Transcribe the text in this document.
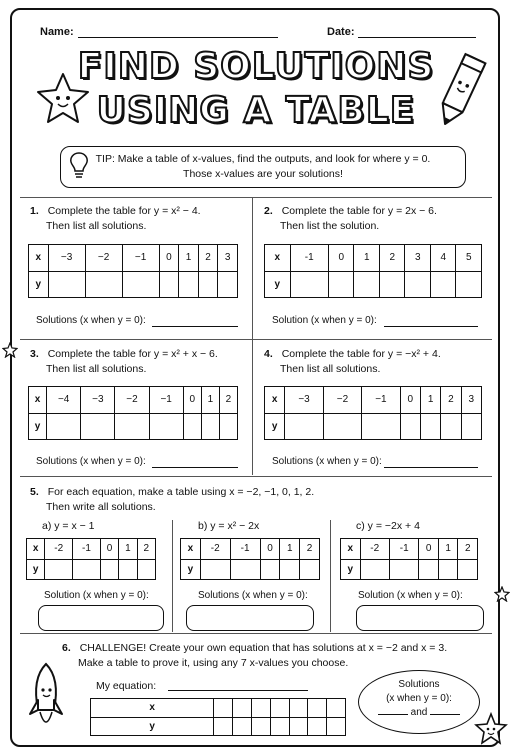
Name:	Date:
FIND SOLUTIONS
USING A TABLE
TIP: Make a table of x-values, find the outputs, and look for where y = 0.
Those x-values are your solutions!
1. Complete the table for y = x² − 4.
Then list all solutions.
x	−3	−2	−1	0	1	2	3
y							
Solutions (x when y = 0):
2. Complete the table for y = 2x − 6.
Then list the solution.
x	-1	0	1	2	3	4	5
y							
Solution (x when y = 0):
3. Complete the table for y = x² + x − 6.
Then list all solutions.
x	−4	−3	−2	−1	0	1	2
y							
Solutions (x when y = 0):
4. Complete the table for y = −x² + 4.
Then list all solutions.
x	−3	−2	−1	0	1	2	3
y							
Solutions (x when y = 0):
5. For each equation, make a table using x = −2, −1, 0, 1, 2.
Then write all solutions.
a) y = x − 1
x	-2	-1	0	1	2
y					
Solution (x when y = 0):
b) y = x² − 2x
x	-2	-1	0	1	2
y					
Solutions (x when y = 0):
c) y = −2x + 4
x	-2	-1	0	1	2
y					
Solution (x when y = 0):
6. CHALLENGE! Create your own equation that has solutions at x = −2 and x = 3.
Make a table to prove it, using any 7 x-values you choose.
My equation:
x							
y							
Solutions
(x when y = 0):
and
